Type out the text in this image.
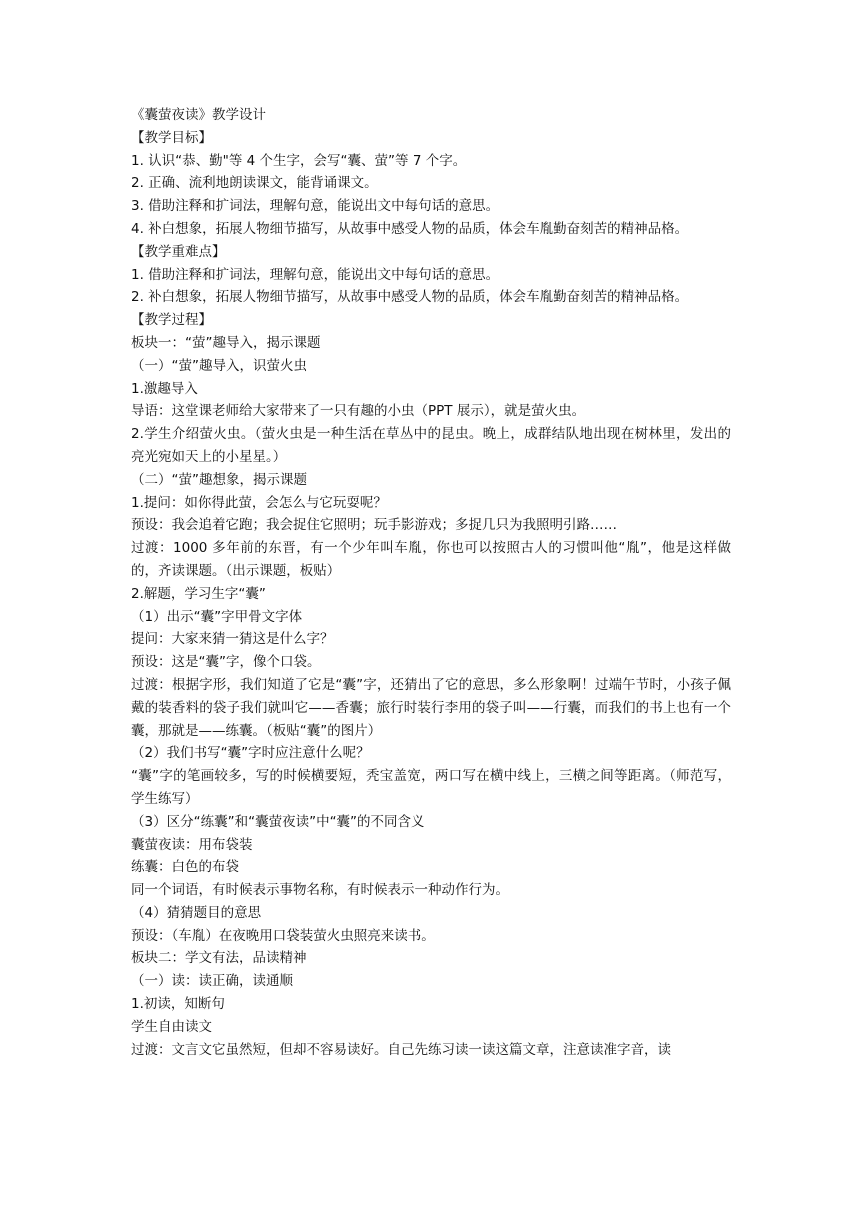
《囊萤夜读》教学设计
【教学目标】
1. 认识“恭、勤"等 4 个生字，会写“囊、萤”等 7 个字。
2. 正确、流利地朗读课文，能背诵课文。
3. 借助注释和扩词法，理解句意，能说出文中每句话的意思。
4. 补白想象，拓展人物细节描写，从故事中感受人物的品质，体会车胤勤奋刻苦的精神品格。
【教学重难点】
1. 借助注释和扩词法，理解句意，能说出文中每句话的意思。
2. 补白想象，拓展人物细节描写，从故事中感受人物的品质，体会车胤勤奋刻苦的精神品格。
【教学过程】
板块一：“萤”趣导入，揭示课题
（一）“萤”趣导入，识萤火虫
1.激趣导入
导语：这堂课老师给大家带来了一只有趣的小虫（PPT 展示），就是萤火虫。
2.学生介绍萤火虫。（萤火虫是一种生活在草丛中的昆虫。晚上，成群结队地出现在树林里，发出的亮光宛如天上的小星星。）
（二）“萤”趣想象，揭示课题
1.提问：如你得此萤，会怎么与它玩耍呢？
预设：我会追着它跑；我会捉住它照明；玩手影游戏；多捉几只为我照明引路……
过渡：1000 多年前的东晋，有一个少年叫车胤，你也可以按照古人的习惯叫他“胤”，他是这样做的，齐读课题。（出示课题，板贴）
2.解题，学习生字“囊”
（1）出示“囊”字甲骨文字体
提问：大家来猜一猜这是什么字？
预设：这是“囊”字，像个口袋。
过渡：根据字形，我们知道了它是“囊”字，还猜出了它的意思，多么形象啊！过端午节时，小孩子佩戴的装香料的袋子我们就叫它——香囊；旅行时装行李用的袋子叫——行囊，而我们的书上也有一个囊，那就是——练囊。（板贴“囊”的图片）
（2）我们书写“囊”字时应注意什么呢？
“囊”字的笔画较多，写的时候横要短，秃宝盖宽，两口写在横中线上，三横之间等距离。（师范写，学生练写）
（3）区分“练囊”和“囊萤夜读”中“囊”的不同含义
囊萤夜读：用布袋装
练囊：白色的布袋
同一个词语，有时候表示事物名称，有时候表示一种动作行为。
（4）猜猜题目的意思
预设：（车胤）在夜晚用口袋装萤火虫照亮来读书。
板块二：学文有法，品读精神
（一）读：读正确，读通顺
1.初读，知断句
学生自由读文
过渡：文言文它虽然短，但却不容易读好。自己先练习读一读这篇文章，注意读准字音，读
